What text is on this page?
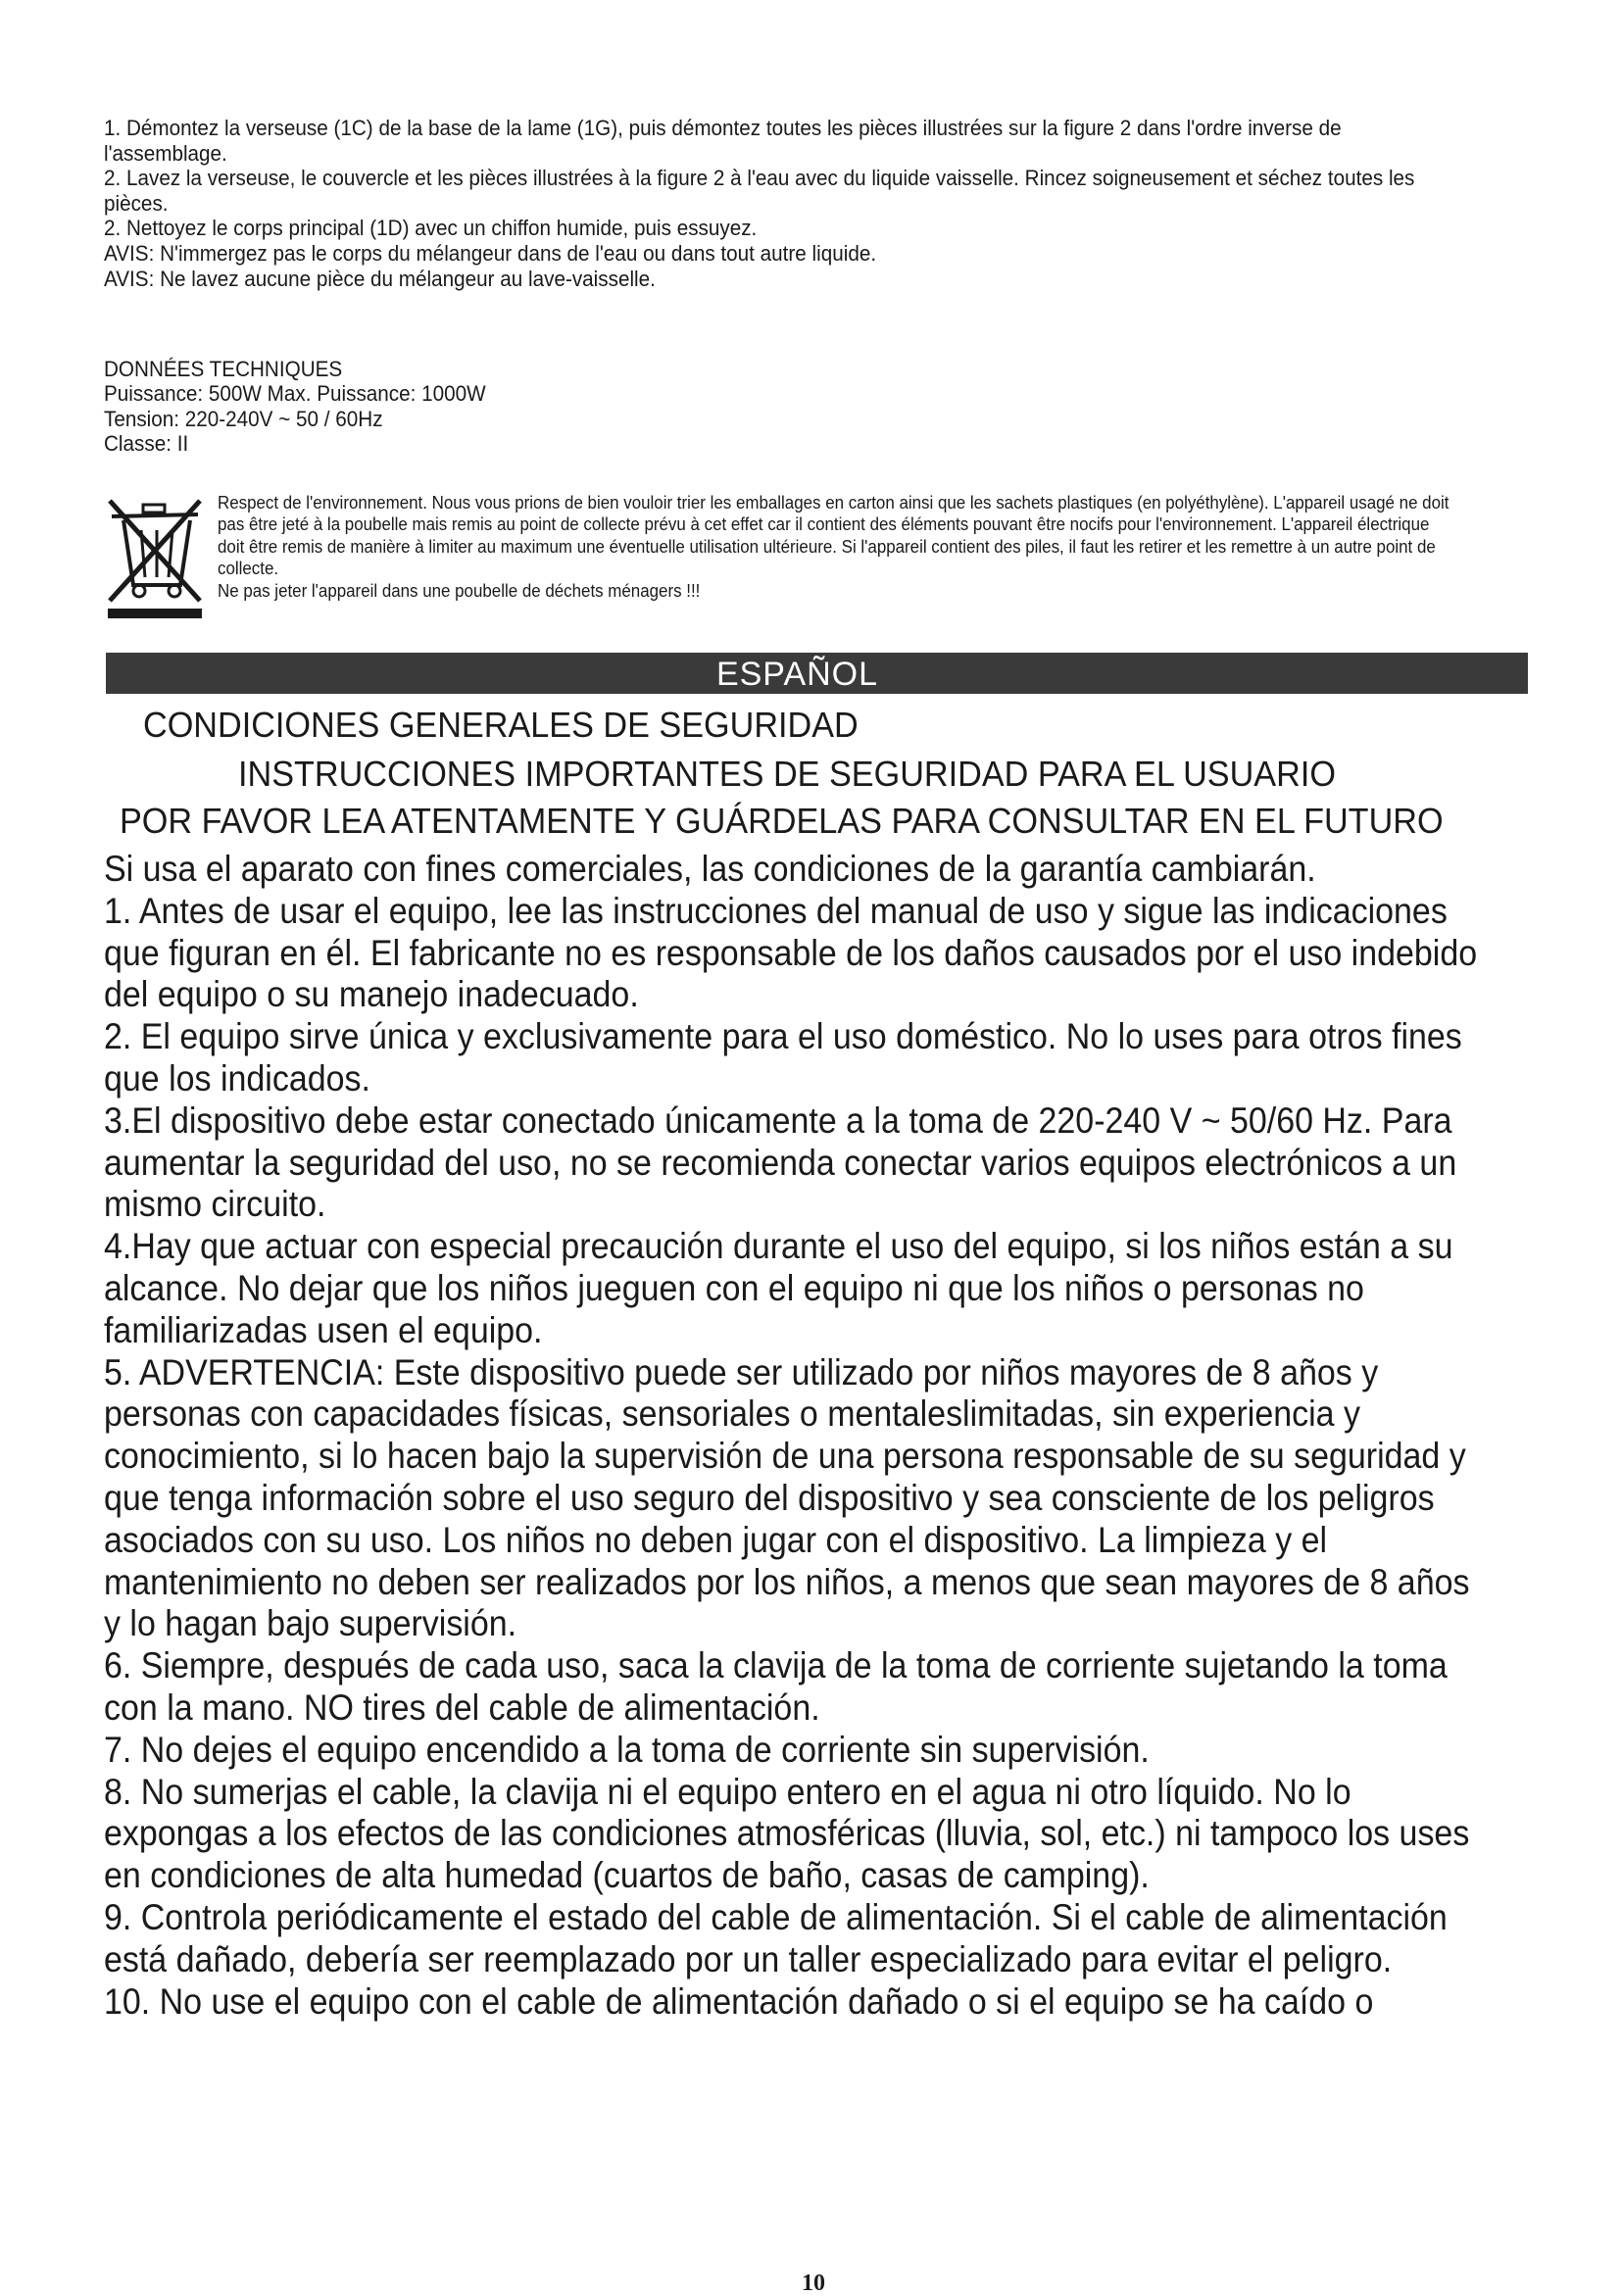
1. Démontez la verseuse (1C) de la base de la lame (1G), puis démontez toutes les pièces illustrées sur la figure 2 dans l'ordre inverse de l'assemblage.

2. Lavez la verseuse, le couvercle et les pièces illustrées à la figure 2 à l'eau avec du liquide vaisselle. Rincez soigneusement et séchez toutes les pièces.

2. Nettoyez le corps principal (1D) avec un chiffon humide, puis essuyez.

AVIS: N'immergez pas le corps du mélangeur dans de l'eau ou dans tout autre liquide.

AVIS: Ne lavez aucune pièce du mélangeur au lave-vaisselle.

DONNÉES TECHNIQUES

Puissance: 500W Max. Puissance: 1000W

Tension: 220-240V ~ 50 / 60Hz

Classe: II

Respect de l'environnement. Nous vous prions de bien vouloir trier les emballages en carton ainsi que les sachets plastiques (en polyéthylène). L'appareil usagé ne doit pas être jeté à la poubelle mais remis au point de collecte prévu à cet effet car il contient des éléments pouvant être nocifs pour l'environnement. L'appareil électrique doit être remis de manière à limiter au maximum une éventuelle utilisation ultérieure. Si l'appareil contient des piles, il faut les retirer et les remettre à un autre point de collecte.

Ne pas jeter l'appareil dans une poubelle de déchets ménagers !!!

ESPAÑOL
CONDICIONES GENERALES DE SEGURIDAD
INSTRUCCIONES IMPORTANTES DE SEGURIDAD PARA EL USUARIO
POR FAVOR LEA ATENTAMENTE Y GUÁRDELAS PARA CONSULTAR EN EL FUTURO

Si usa el aparato con fines comerciales, las condiciones de la garantía cambiarán.

1. Antes de usar el equipo, lee las instrucciones del manual de uso y sigue las indicaciones que figuran en él. El fabricante no es responsable de los daños causados por el uso indebido del equipo o su manejo inadecuado.

2. El equipo sirve única y exclusivamente para el uso doméstico. No lo uses para otros fines que los indicados.

3.El dispositivo debe estar conectado únicamente a la toma de 220-240 V ~ 50/60 Hz. Para aumentar la seguridad del uso, no se recomienda conectar varios equipos electrónicos a un mismo circuito.

4.Hay que actuar con especial precaución durante el uso del equipo, si los niños están a su alcance. No dejar que los niños jueguen con el equipo ni que los niños o personas no familiarizadas usen el equipo.

5. ADVERTENCIA: Este dispositivo puede ser utilizado por niños mayores de 8 años y personas con capacidades físicas, sensoriales o mentaleslimitadas, sin experiencia y conocimiento, si lo hacen bajo la supervisión de una persona responsable de su seguridad y que tenga información sobre el uso seguro del dispositivo y sea consciente de los peligros asociados con su uso. Los niños no deben jugar con el dispositivo. La limpieza y el mantenimiento no deben ser realizados por los niños, a menos que sean mayores de 8 años y lo hagan bajo supervisión.

6. Siempre, después de cada uso, saca la clavija de la toma de corriente sujetando la toma con la mano. NO tires del cable de alimentación.

7. No dejes el equipo encendido a la toma de corriente sin supervisión.

8. No sumerjas el cable, la clavija ni el equipo entero en el agua ni otro líquido. No lo expongas a los efectos de las condiciones atmosféricas (lluvia, sol, etc.) ni tampoco los uses en condiciones de alta humedad (cuartos de baño, casas de camping).

9. Controla periódicamente el estado del cable de alimentación. Si el cable de alimentación está dañado, debería ser reemplazado por un taller especializado para evitar el peligro.

10. No use el equipo con el cable de alimentación dañado o si el equipo se ha caído o

10
